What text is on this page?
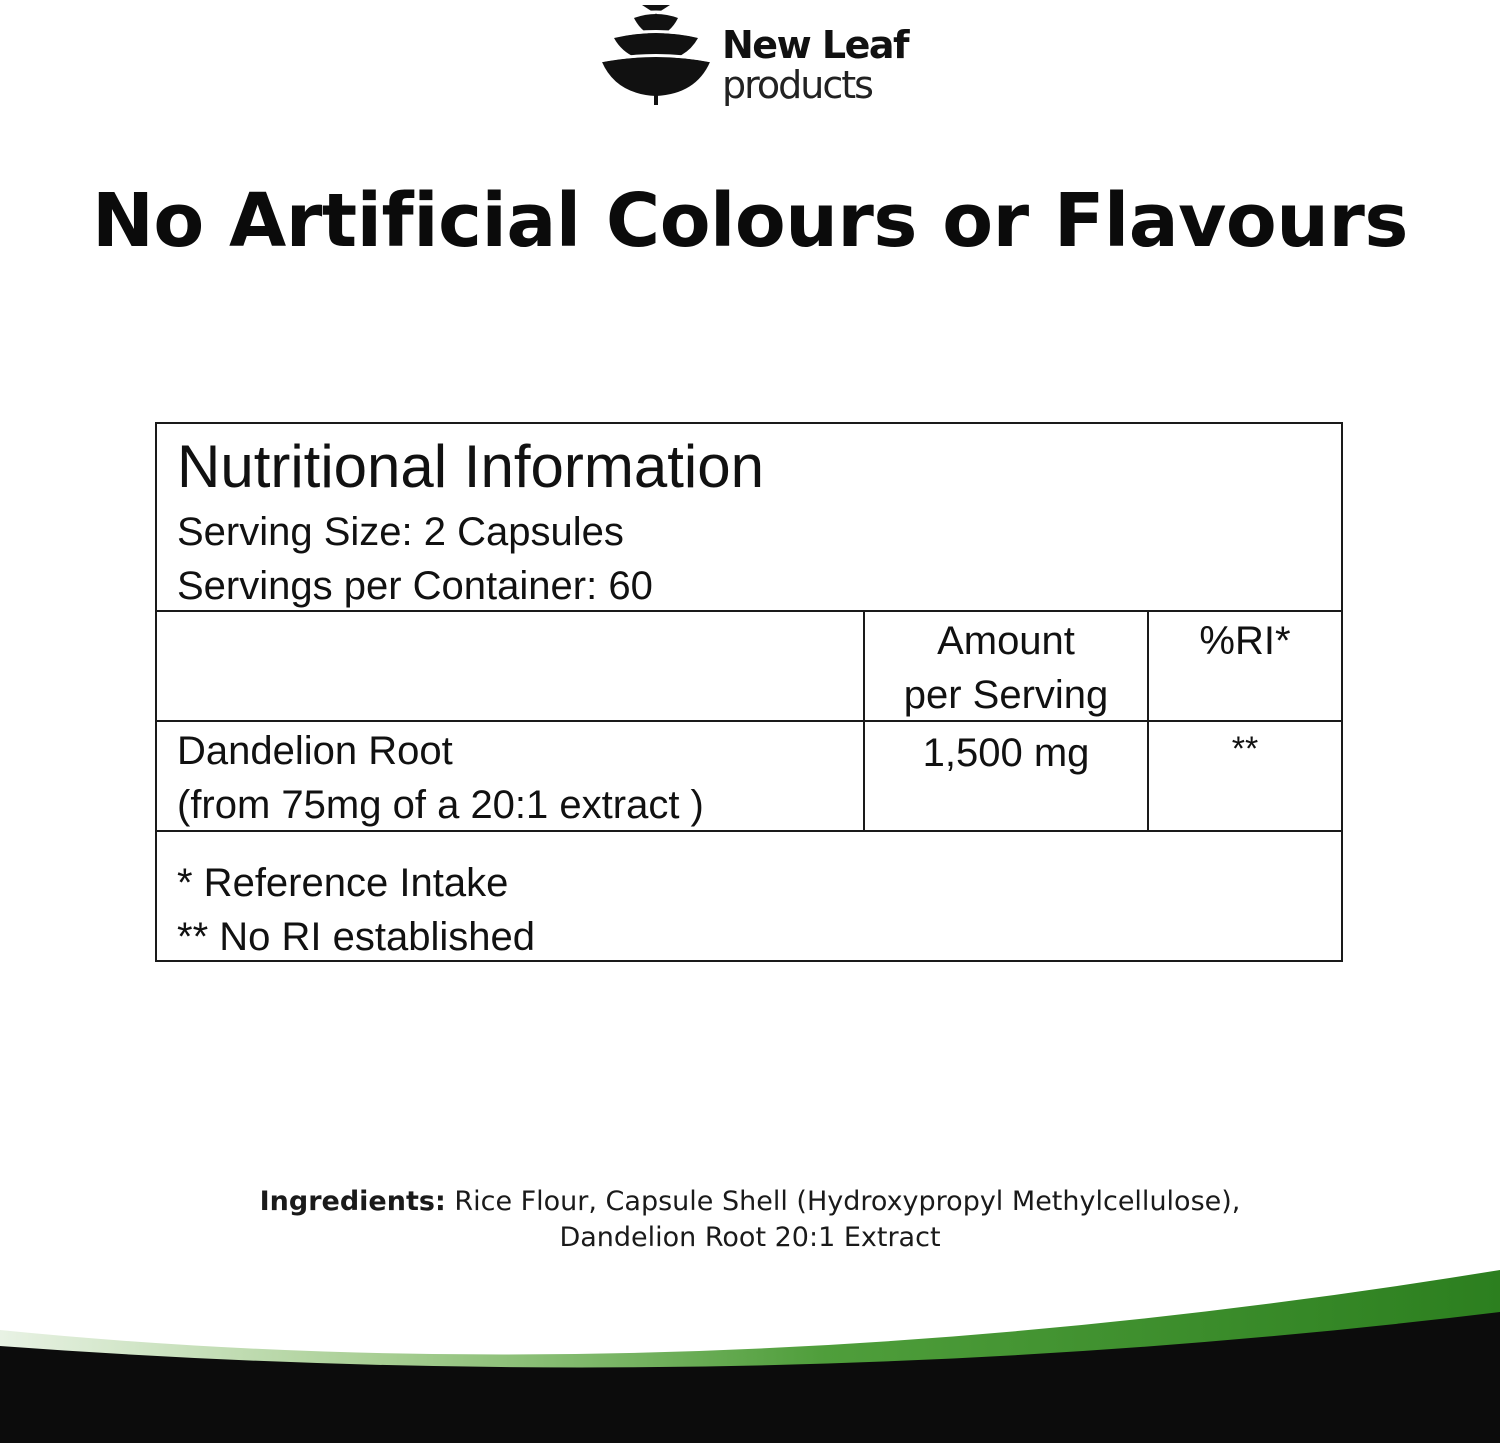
New Leaf
products
No Artificial Colours or Flavours
Nutritional Information
Serving Size: 2 Capsules
Servings per Container: 60
Amount
per Serving
%RI*
Dandelion Root
(from 75mg of a 20:1 extract )
1,500 mg	**
* Reference Intake
** No RI established
Ingredients: Rice Flour, Capsule Shell (Hydroxypropyl Methylcellulose),
Dandelion Root 20:1 Extract
